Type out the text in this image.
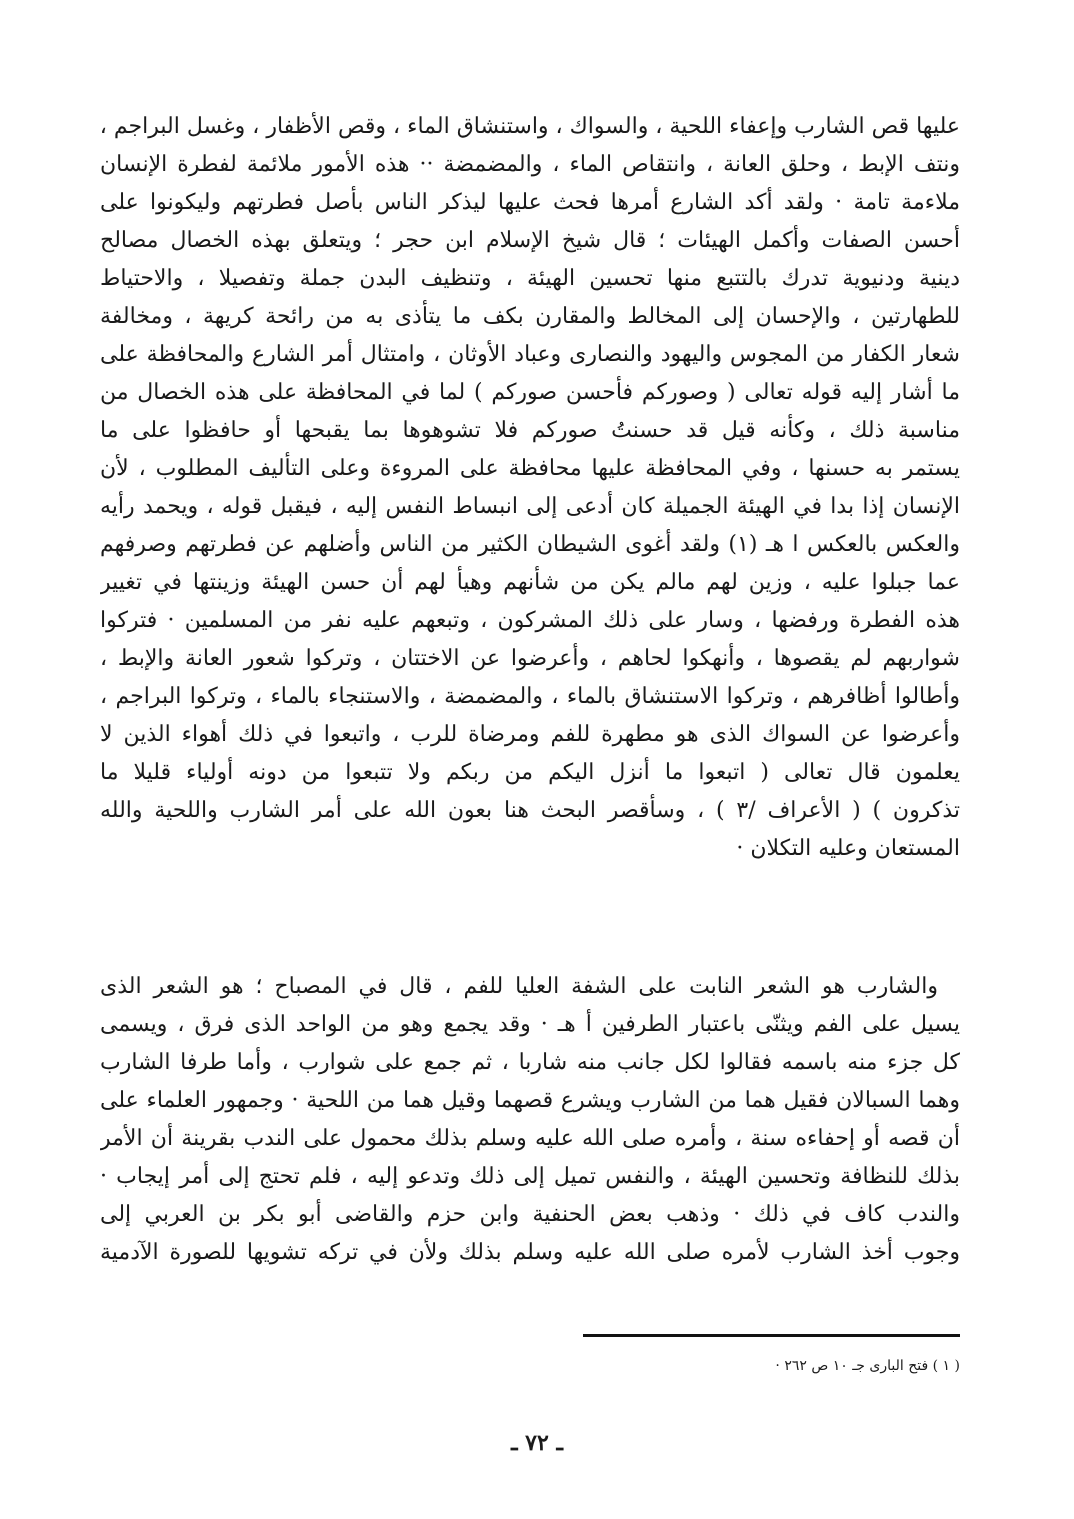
عليها قص الشارب وإعفاء اللحية ، والسواك ، واستنشاق الماء ، وقص الأظفار ، وغسل البراجم ،
ونتف الإبط ، وحلق العانة ، وانتقاص الماء ، والمضمضة ·· هذه الأمور ملائمة لفطرة الإنسان
ملاءمة تامة · ولقد أكد الشارع أمرها فحث عليها ليذكر الناس بأصل فطرتهم وليكونوا على
أحسن الصفات وأكمل الهيئات ؛ قال شيخ الإسلام ابن حجر ؛ ويتعلق بهذه الخصال مصالح
دينية ودنيوية تدرك بالتتبع منها تحسين الهيئة ، وتنظيف البدن جملة وتفصيلا ، والاحتياط
للطهارتين ، والإحسان إلى المخالط والمقارن بكف ما يتأذى به من رائحة كريهة ، ومخالفة
شعار الكفار من المجوس واليهود والنصارى وعباد الأوثان ، وامتثال أمر الشارع والمحافظة على
ما أشار إليه قوله تعالى ( وصوركم فأحسن صوركم ) لما في المحافظة على هذه الخصال من
مناسبة ذلك ، وكأنه قيل قد حسنتُ صوركم فلا تشوهوها بما يقبحها أو حافظوا على ما
يستمر به حسنها ، وفي المحافظة عليها محافظة على المروءة وعلى التأليف المطلوب ، لأن
الإنسان إذا بدا في الهيئة الجميلة كان أدعى إلى انبساط النفس إليه ، فيقبل قوله ، ويحمد رأيه
والعكس بالعكس ا هـ (١) ولقد أغوى الشيطان الكثير من الناس وأضلهم عن فطرتهم وصرفهم
عما جبلوا عليه ، وزين لهم مالم يكن من شأنهم وهيأ لهم أن حسن الهيئة وزينتها في تغيير
هذه الفطرة ورفضها ، وسار على ذلك المشركون ، وتبعهم عليه نفر من المسلمين · فتركوا
شواربهم لم يقصوها ، وأنهكوا لحاهم ، وأعرضوا عن الاختتان ، وتركوا شعور العانة والإبط ،
وأطالوا أظافرهم ، وتركوا الاستنشاق بالماء ، والمضمضة ، والاستنجاء بالماء ، وتركوا البراجم ،
وأعرضوا عن السواك الذى هو مطهرة للفم ومرضاة للرب ، واتبعوا في ذلك أهواء الذين لا
يعلمون قال تعالى ( اتبعوا ما أنزل اليكم من ربكم ولا تتبعوا من دونه أولياء قليلا ما
تذكرون ) ( الأعراف /٣ ) ، وسأقصر البحث هنا بعون الله على أمر الشارب واللحية والله
المستعان وعليه التكلان ·
والشارب هو الشعر النابت على الشفة العليا للفم ، قال في المصباح ؛ هو الشعر الذى
يسيل على الفم ويثنّى باعتبار الطرفين أ هـ · وقد يجمع وهو من الواحد الذى فرق ، ويسمى
كل جزء منه باسمه فقالوا لكل جانب منه شاربا ، ثم جمع على شوارب ، وأما طرفا الشارب
وهما السبالان فقيل هما من الشارب ويشرع قصهما وقيل هما من اللحية · وجمهور العلماء على
أن قصه أو إحفاءه سنة ، وأمره صلى الله عليه وسلم بذلك محمول على الندب بقرينة أن الأمر
بذلك للنظافة وتحسين الهيئة ، والنفس تميل إلى ذلك وتدعو إليه ، فلم تحتج إلى أمر إيجاب ·
والندب كاف في ذلك · وذهب بعض الحنفية وابن حزم والقاضى أبو بكر بن العربي إلى
وجوب أخذ الشارب لأمره صلى الله عليه وسلم بذلك ولأن في تركه تشويها للصورة الآدمية
( ١ ) فتح البارى جـ ١٠ ص ٢٦٢ ·
ـ ٧٢ ـ
